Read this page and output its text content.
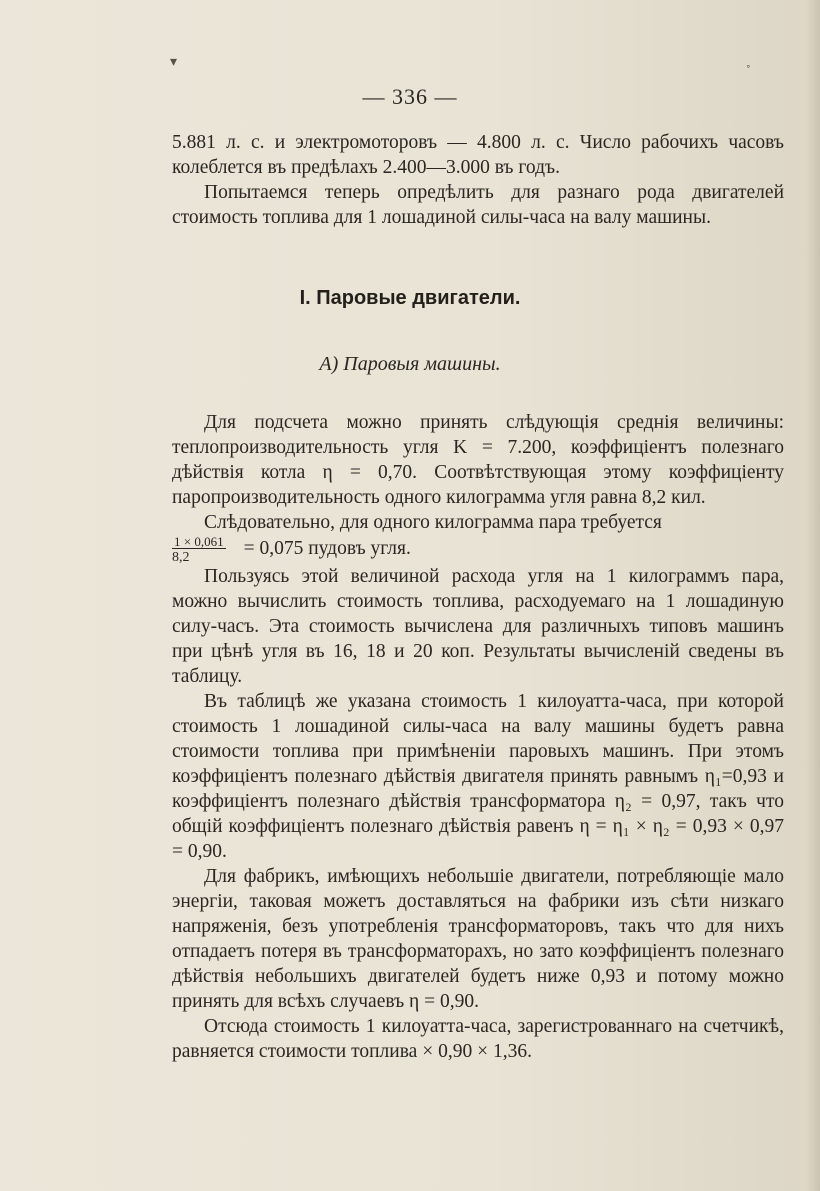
▾
˚
— 336 —

5.881 л. с. и электромоторовъ — 4.800 л. с. Число рабочихъ часовъ колеблется въ предѣлахъ 2.400—3.000 въ годъ.

Попытаемся теперь опредѣлить для разнаго рода двигателей стоимость топлива для 1 лошадиной силы-часа на валу машины.

I. Паровые двигатели.
A) Паровыя машины.

Для подсчета можно принять слѣдующія среднія величины: теплопроизводительность угля K = 7.200, коэффиціентъ полезнаго дѣйствія котла η = 0,70. Соотвѣтствующая этому коэффиціенту паропроизводительность одного килограмма угля равна 8,2 кил.

Слѣдовательно, для одного килограмма пара требуется

$\frac{1 \times 0,061}{8,2} = 0,075$ пудовъ угля.

Пользуясь этой величиной расхода угля на 1 килограммъ пара, можно вычислить стоимость топлива, расходуемаго на 1 лошадиную силу-часъ. Эта стоимость вычислена для различныхъ типовъ машинъ при цѣнѣ угля въ 16, 18 и 20 коп. Результаты вычисленій сведены въ таблицу.

Въ таблицѣ же указана стоимость 1 килоуатта-часа, при которой стоимость 1 лошадиной силы-часа на валу машины будетъ равна стоимости топлива при примѣненіи паровыхъ машинъ. При этомъ коэффиціентъ полезнаго дѣйствія двигателя принять равнымъ η₁=0,93 и коэффиціентъ полезнаго дѣйствія трансформатора η₂ = 0,97, такъ что общій коэффиціентъ полезнаго дѣйствія равенъ η = η₁ × η₂ = 0,93 × 0,97 = 0,90.

Для фабрикъ, имѣющихъ небольшіе двигатели, потребляющіе мало энергіи, таковая можетъ доставляться на фабрики изъ сѣти низкаго напряженія, безъ употребленія трансформаторовъ, такъ что для нихъ отпадаетъ потеря въ трансформаторахъ, но зато коэффиціентъ полезнаго дѣйствія небольшихъ двигателей будетъ ниже 0,93 и потому можно принять для всѣхъ случаевъ η = 0,90.

Отсюда стоимость 1 килоуатта-часа, зарегистрованнаго на счетчикѣ, равняется стоимости топлива × 0,90 × 1,36.
